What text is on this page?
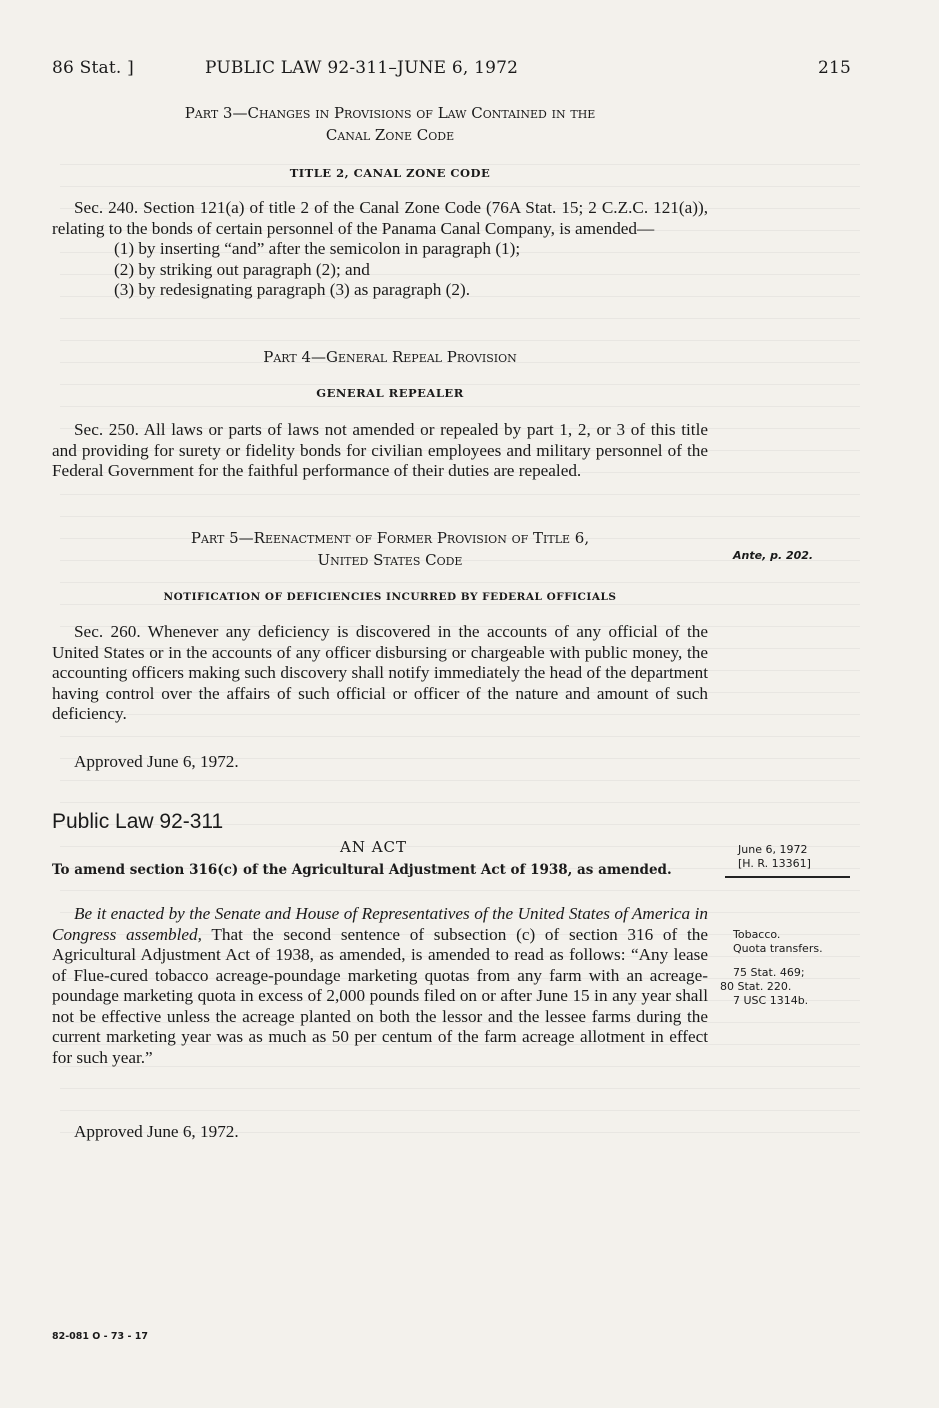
86 Stat. ]	PUBLIC LAW 92-311–JUNE 6, 1972	215
Part 3—Changes in Provisions of Law Contained in the
Canal Zone Code
TITLE 2, CANAL ZONE CODE

Sec. 240. Section 121(a) of title 2 of the Canal Zone Code (76A Stat. 15; 2 C.Z.C. 121(a)), relating to the bonds of certain personnel of the Panama Canal Company, is amended—

(1) by inserting “and” after the semicolon in paragraph (1);

(2) by striking out paragraph (2); and

(3) by redesignating paragraph (3) as paragraph (2).

Part 4—General Repeal Provision
GENERAL REPEALER

Sec. 250. All laws or parts of laws not amended or repealed by part 1, 2, or 3 of this title and providing for surety or fidelity bonds for civilian employees and military personnel of the Federal Government for the faithful performance of their duties are repealed.

Part 5—Reenactment of Former Provision of Title 6,
United States Code	Ante, p. 202.
NOTIFICATION OF DEFICIENCIES INCURRED BY FEDERAL OFFICIALS

Sec. 260. Whenever any deficiency is discovered in the accounts of any official of the United States or in the accounts of any officer disbursing or chargeable with public money, the accounting officers making such discovery shall notify immediately the head of the department having control over the affairs of such official or officer of the nature and amount of such deficiency.

Approved June 6, 1972.
Public Law 92-311
AN ACT
To amend section 316(c) of the Agricultural Adjustment Act of 1938, as amended.
June 6, 1972
[H. R. 13361]

Be it enacted by the Senate and House of Representatives of the United States of America in Congress assembled, That the second sentence of subsection (c) of section 316 of the Agricultural Adjustment Act of 1938, as amended, is amended to read as follows: “Any lease of Flue-cured tobacco acreage-poundage marketing quotas from any farm with an acreage-poundage marketing quota in excess of 2,000 pounds filed on or after June 15 in any year shall not be effective unless the acreage planted on both the lessor and the lessee farms during the current marketing year was as much as 50 per centum of the farm acreage allotment in effect for such year.”

Tobacco.
Quota transfers.
75 Stat. 469;
80 Stat. 220.
7 USC 1314b.
Approved June 6, 1972.
82-081 O - 73 - 17
